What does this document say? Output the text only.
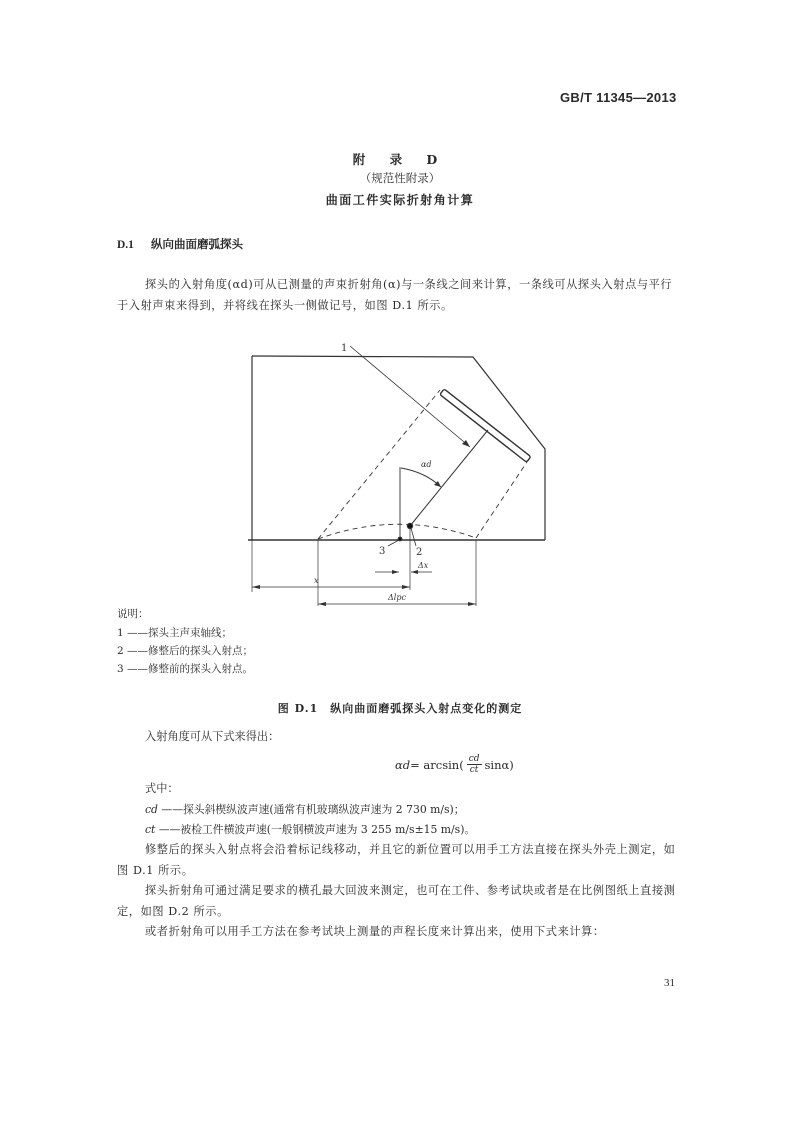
GB/T 11345—2013
附 录 D
（规范性附录）
曲面工件实际折射角计算
D.1 纵向曲面磨弧探头
探头的入射角度(αd)可从已测量的声束折射角(α)与一条线之间来计算，一条线可从探头入射点与平行于入射声束来得到，并将线在探头一侧做记号，如图 D.1 所示。
1
3	2
αd
Δx
x
Δlpc
说明：
1 ——探头主声束轴线；
2 ——修整后的探头入射点；
3 ——修整前的探头入射点。
图 D.1　纵向曲面磨弧探头入射点变化的测定
入射角度可从下式来得出：
$\alpha d = \arcsin( \frac{cd}{ct} \sin\alpha)$
式中：
cd ——探头斜楔纵波声速(通常有机玻璃纵波声速为 2 730 m/s)；
ct ——被检工件横波声速(一般钢横波声速为 3 255 m/s±15 m/s)。
修整后的探头入射点将会沿着标记线移动，并且它的新位置可以用手工方法直接在探头外壳上测定，如图 D.1 所示。
探头折射角可通过满足要求的横孔最大回波来测定，也可在工件、参考试块或者是在比例图纸上直接测定，如图 D.2 所示。
或者折射角可以用手工方法在参考试块上测量的声程长度来计算出来，使用下式来计算：
31
